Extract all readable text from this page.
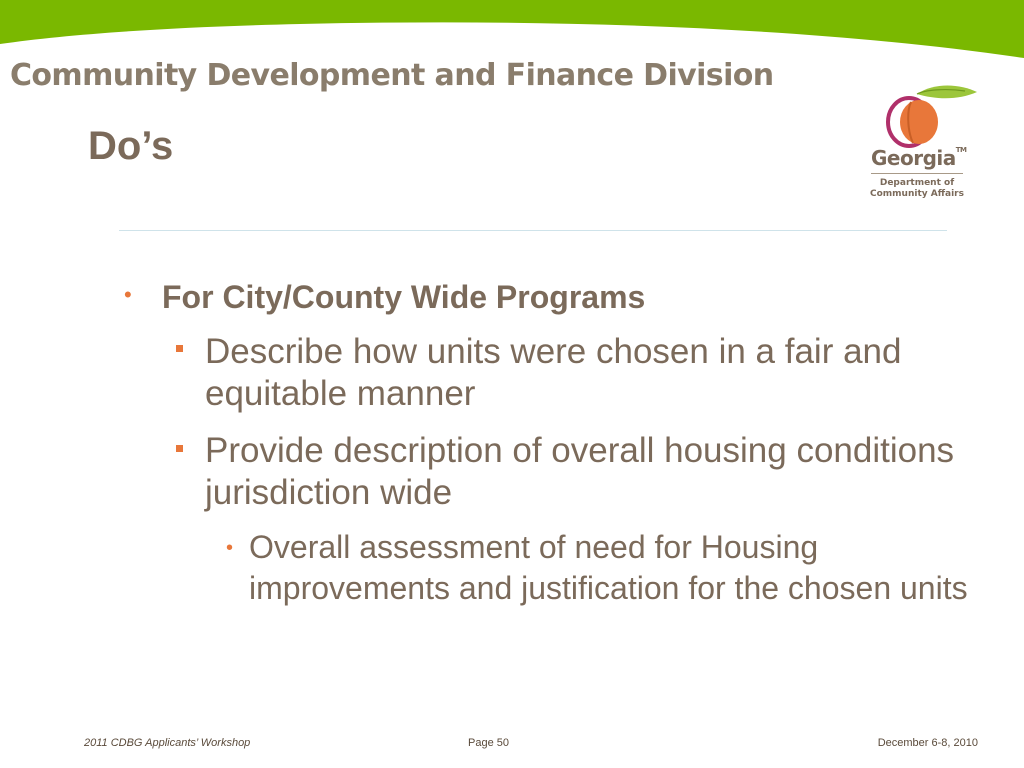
Community Development and Finance Division
Do’s	Georgia™
Department of
Community Affairs
• For City/County Wide Programs
Describe how units were chosen in a fair and equitable manner
Provide description of overall housing conditions jurisdiction wide
• Overall assessment of need for Housing improvements and justification for the chosen units
2011 CDBG Applicants’ Workshop	Page 50	December 6-8, 2010
